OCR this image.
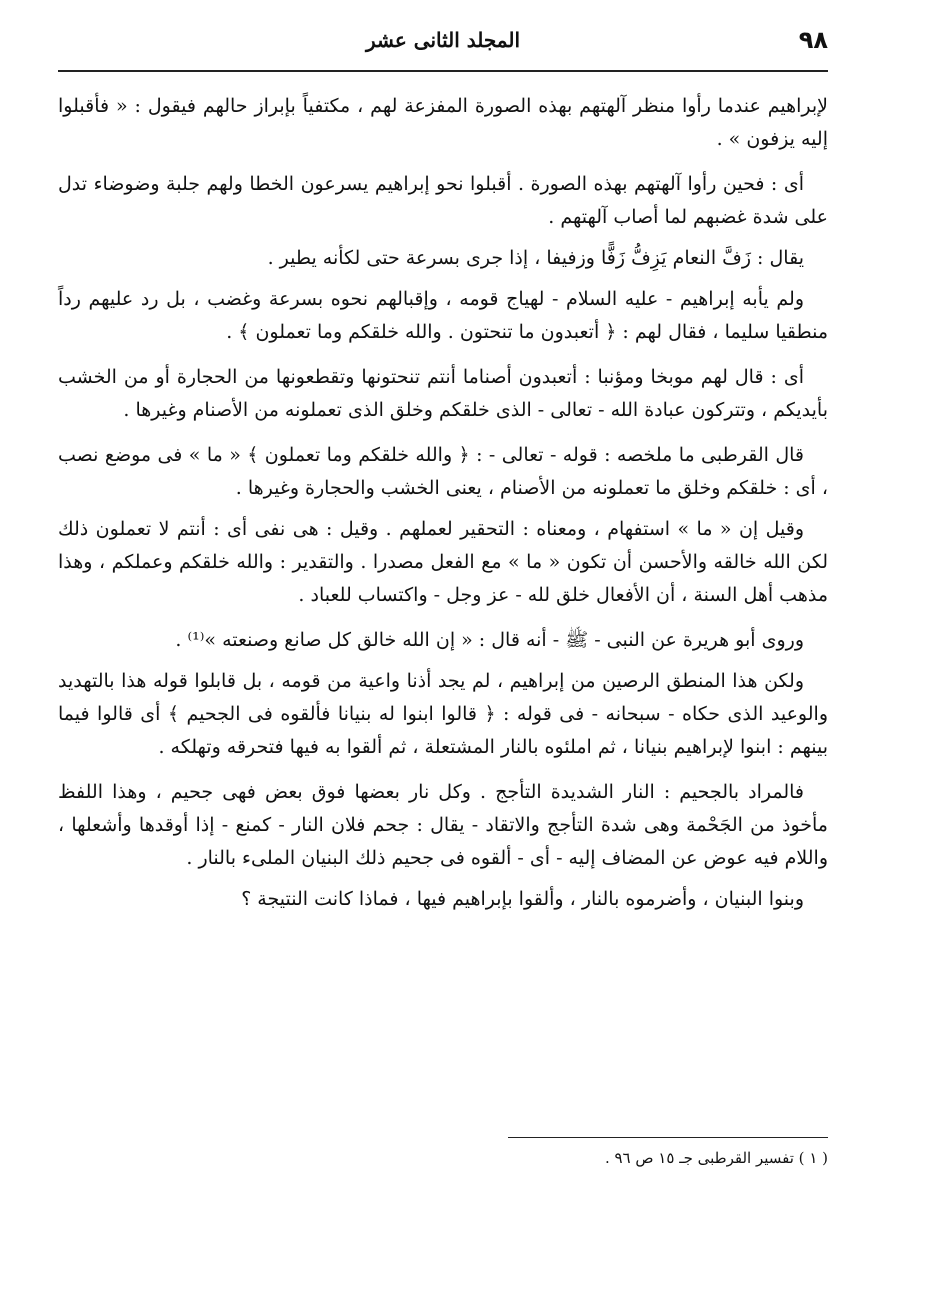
٩٨
المجلد الثانى عشر

لإبراهيم عندما رأوا منظر آلهتهم بهذه الصورة المفزعة لهم ، مكتفياً بإبراز حالهم فيقول : « فأقبلوا إليه يزفون » .

أى : فحين رأوا آلهتهم بهذه الصورة . أقبلوا نحو إبراهيم يسرعون الخطا ولهم جلبة وضوضاء تدل على شدة غضبهم لما أصاب آلهتهم .

يقال : زَفَّ النعام يَزِفُّ زَفًّا وزفيفا ، إذا جرى بسرعة حتى لكأنه يطير .

ولم يأبه إبراهيم - عليه السلام - لهياج قومه ، وإقبالهم نحوه بسرعة وغضب ، بل رد عليهم رداً منطقيا سليما ، فقال لهم : ﴿ أتعبدون ما تنحتون . والله خلقكم وما تعملون ﴾ .

أى : قال لهم موبخا ومؤنبا : أتعبدون أصناما أنتم تنحتونها وتقطعونها من الحجارة أو من الخشب بأيديكم ، وتتركون عبادة الله - تعالى - الذى خلقكم وخلق الذى تعملونه من الأصنام وغيرها .

قال القرطبى ما ملخصه : قوله - تعالى - : ﴿ والله خلقكم وما تعملون ﴾ « ما » فى موضع نصب ، أى : خلقكم وخلق ما تعملونه من الأصنام ، يعنى الخشب والحجارة وغيرها .

وقيل إن « ما » استفهام ، ومعناه : التحقير لعملهم . وقيل : هى نفى أى : أنتم لا تعملون ذلك لكن الله خالقه والأحسن أن تكون « ما » مع الفعل مصدرا . والتقدير : والله خلقكم وعملكم ، وهذا مذهب أهل السنة ، أن الأفعال خلق لله - عز وجل - واكتساب للعباد .

وروى أبو هريرة عن النبى - ﷺ - أنه قال : « إن الله خالق كل صانع وصنعته »⁽¹⁾ .

ولكن هذا المنطق الرصين من إبراهيم ، لم يجد أذنا واعية من قومه ، بل قابلوا قوله هذا بالتهديد والوعيد الذى حكاه - سبحانه - فى قوله : ﴿ قالوا ابنوا له بنيانا فألقوه فى الجحيم ﴾ أى قالوا فيما بينهم : ابنوا لإبراهيم بنيانا ، ثم املئوه بالنار المشتعلة ، ثم ألقوا به فيها فتحرقه وتهلكه .

فالمراد بالجحيم : النار الشديدة التأجج . وكل نار بعضها فوق بعض فهى جحيم ، وهذا اللفظ مأخوذ من الجَحْمة وهى شدة التأجج والاتقاد - يقال : جحم فلان النار - كمنع - إذا أوقدها وأشعلها ، واللام فيه عوض عن المضاف إليه - أى - ألقوه فى جحيم ذلك البنيان الملىء بالنار .

وبنوا البنيان ، وأضرموه بالنار ، وألقوا بإبراهيم فيها ، فماذا كانت النتيجة ؟

( ١ ) تفسير القرطبى جـ ١٥ ص ٩٦ .
